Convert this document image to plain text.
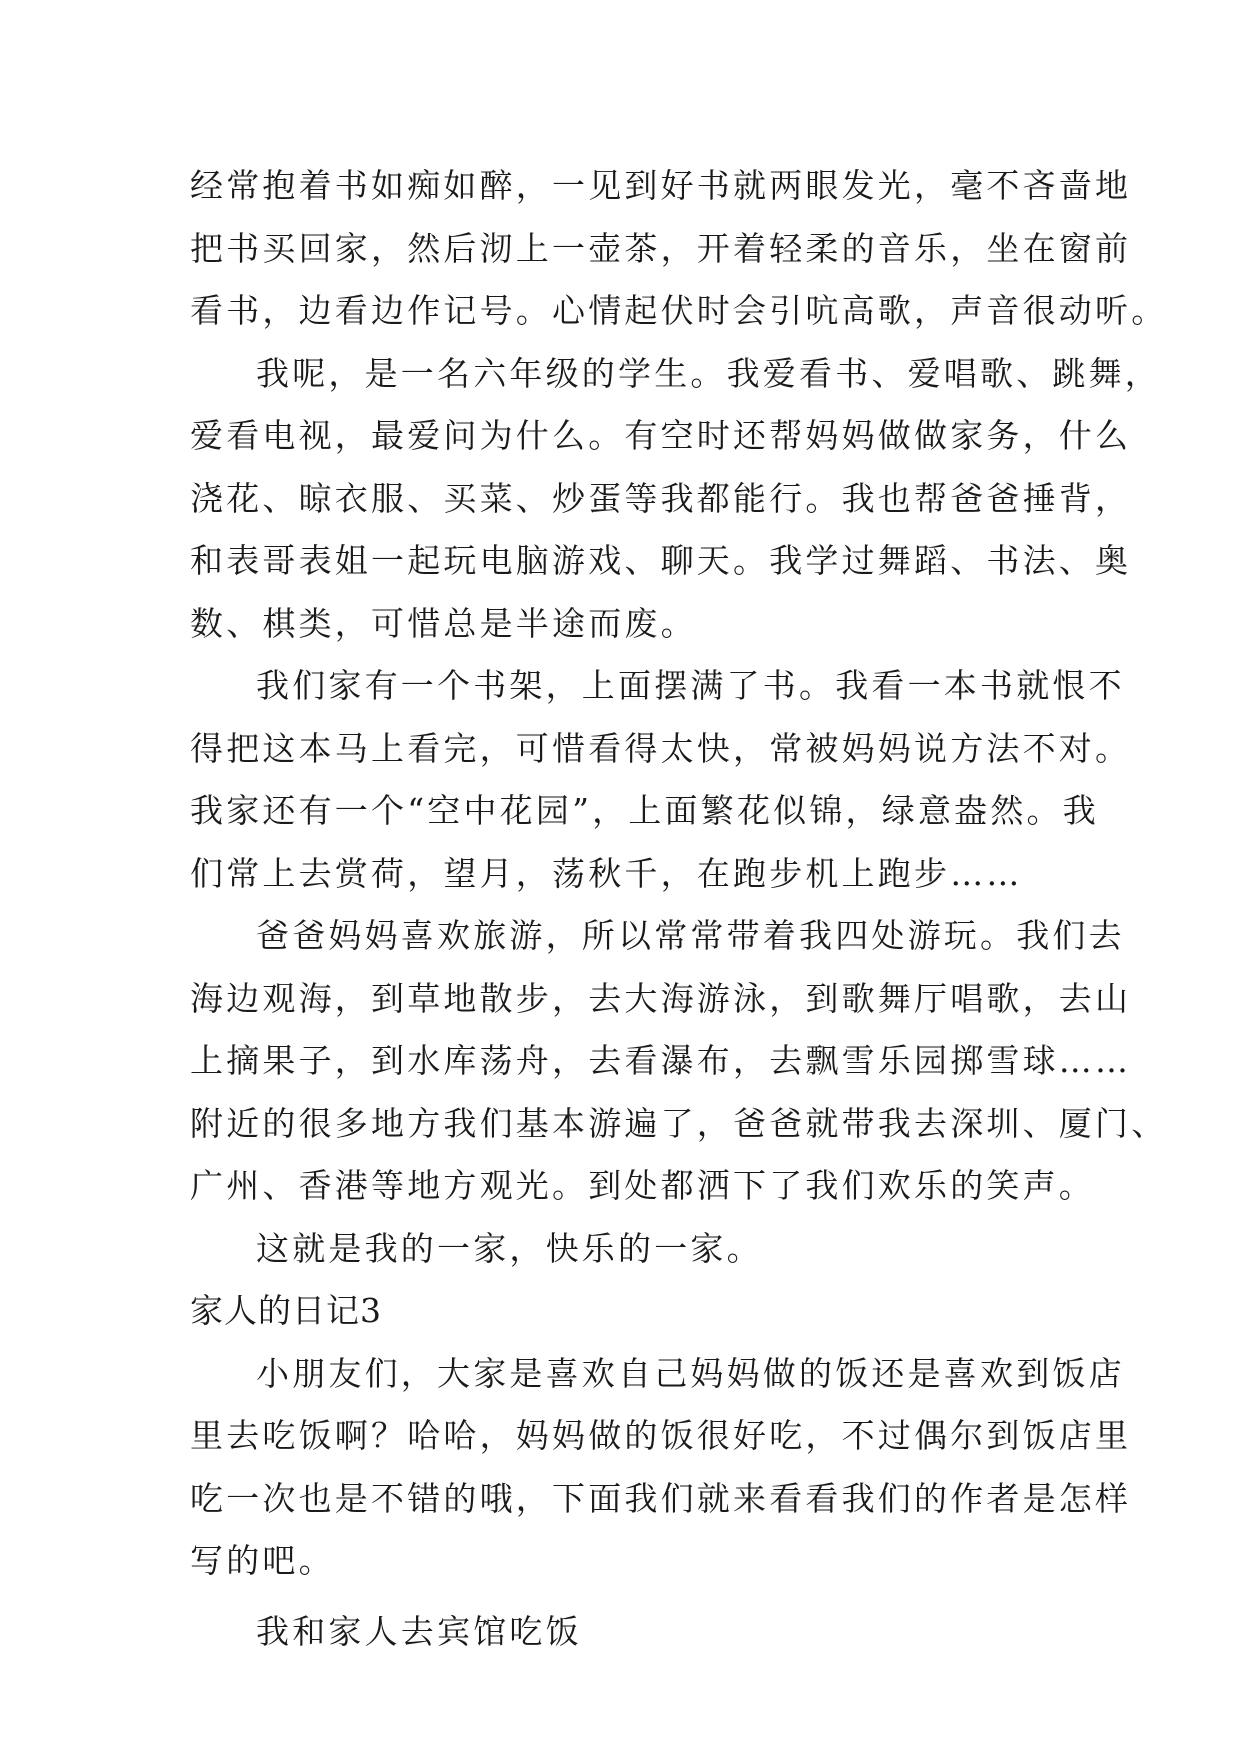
经常抱着书如痴如醉，一见到好书就两眼发光，毫不吝啬地
把书买回家，然后沏上一壶茶，开着轻柔的音乐，坐在窗前
看书，边看边作记号。心情起伏时会引吭高歌，声音很动听。
我呢，是一名六年级的学生。我爱看书、爱唱歌、跳舞，
爱看电视，最爱问为什么。有空时还帮妈妈做做家务，什么
浇花、晾衣服、买菜、炒蛋等我都能行。我也帮爸爸捶背，
和表哥表姐一起玩电脑游戏、聊天。我学过舞蹈、书法、奥
数、棋类，可惜总是半途而废。
我们家有一个书架，上面摆满了书。我看一本书就恨不
得把这本马上看完，可惜看得太快，常被妈妈说方法不对。
我家还有一个“空中花园”，上面繁花似锦，绿意盎然。我
们常上去赏荷，望月，荡秋千，在跑步机上跑步……
爸爸妈妈喜欢旅游，所以常常带着我四处游玩。我们去
海边观海，到草地散步，去大海游泳，到歌舞厅唱歌，去山
上摘果子，到水库荡舟，去看瀑布，去飘雪乐园掷雪球……
附近的很多地方我们基本游遍了，爸爸就带我去深圳、厦门、
广州、香港等地方观光。到处都洒下了我们欢乐的笑声。
这就是我的一家，快乐的一家。
家人的日记3
小朋友们，大家是喜欢自己妈妈做的饭还是喜欢到饭店
里去吃饭啊？哈哈，妈妈做的饭很好吃，不过偶尔到饭店里
吃一次也是不错的哦，下面我们就来看看我们的作者是怎样
写的吧。
我和家人去宾馆吃饭
